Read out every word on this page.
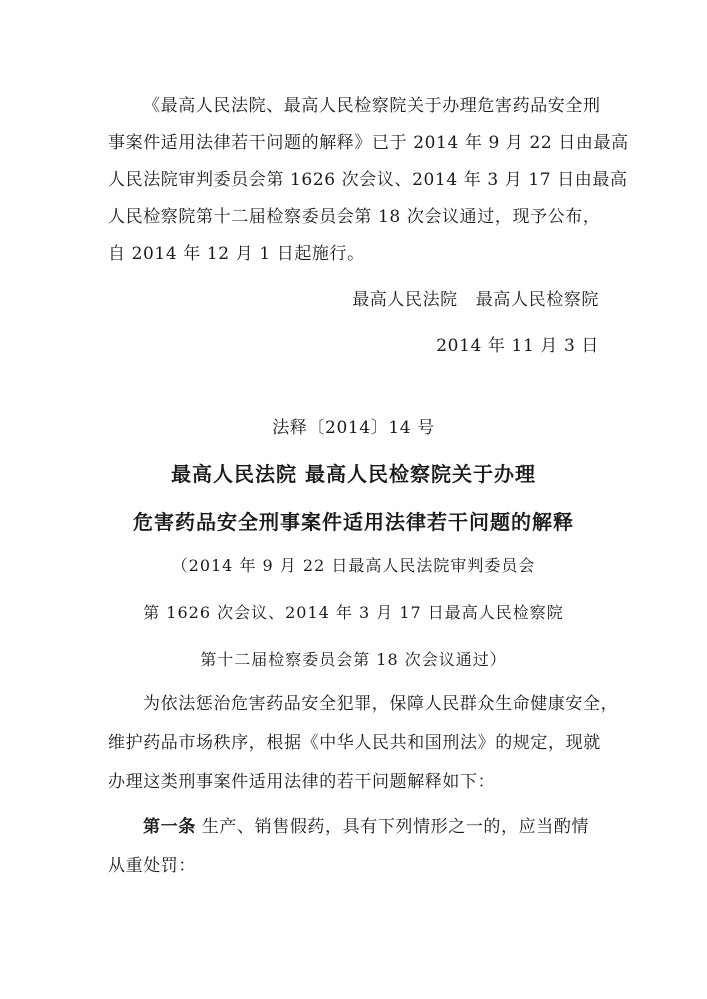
《最高人民法院、最高人民检察院关于办理危害药品安全刑
事案件适用法律若干问题的解释》已于 2014 年 9 月 22 日由最高
人民法院审判委员会第 1626 次会议、2014 年 3 月 17 日由最高
人民检察院第十二届检察委员会第 18 次会议通过，现予公布，
自 2014 年 12 月 1 日起施行。
最高人民法院   最高人民检察院
2014 年 11 月 3 日
法释〔2014〕14 号
最高人民法院 最高人民检察院关于办理
危害药品安全刑事案件适用法律若干问题的解释
（2014 年 9 月 22 日最高人民法院审判委员会
第 1626 次会议、2014 年 3 月 17 日最高人民检察院
第十二届检察委员会第 18 次会议通过）
为依法惩治危害药品安全犯罪，保障人民群众生命健康安全，
维护药品市场秩序，根据《中华人民共和国刑法》的规定，现就
办理这类刑事案件适用法律的若干问题解释如下：
第一条 生产、销售假药，具有下列情形之一的，应当酌情
从重处罚：
